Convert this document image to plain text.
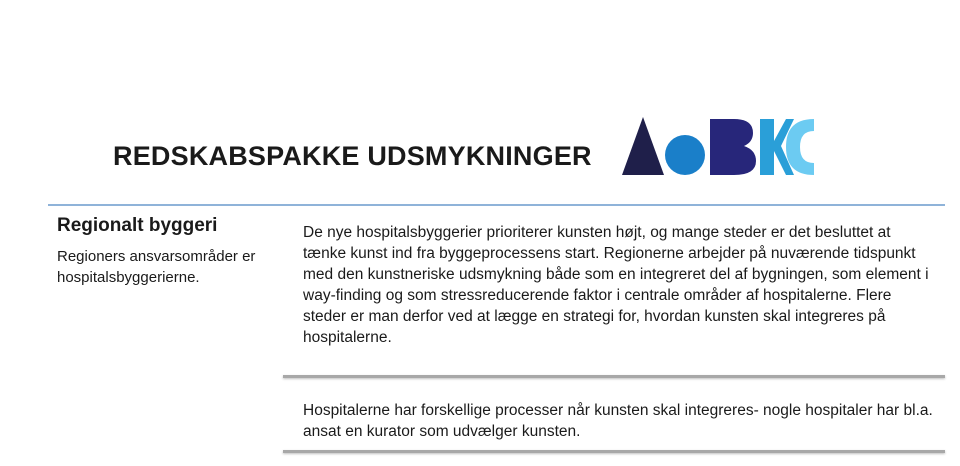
REDSKABSPAKKE UDSMYKNINGER
Regionalt byggeri
Regioners ansvarsområder er hospitalsbyggerierne.
De nye hospitalsbyggerier prioriterer kunsten højt, og mange steder er det besluttet at tænke kunst ind fra byggeprocessens start. Regionerne arbejder på nuværende tidspunkt med den kunstneriske udsmykning både som en integreret del af bygningen, som element i way-finding og som stressreducerende faktor i centrale områder af hospitalerne. Flere steder er man derfor ved at lægge en strategi for, hvordan kunsten skal integreres på hospitalerne.
Hospitalerne har forskellige processer når kunsten skal integreres- nogle hospitaler har bl.a. ansat en kurator som udvælger kunsten.
